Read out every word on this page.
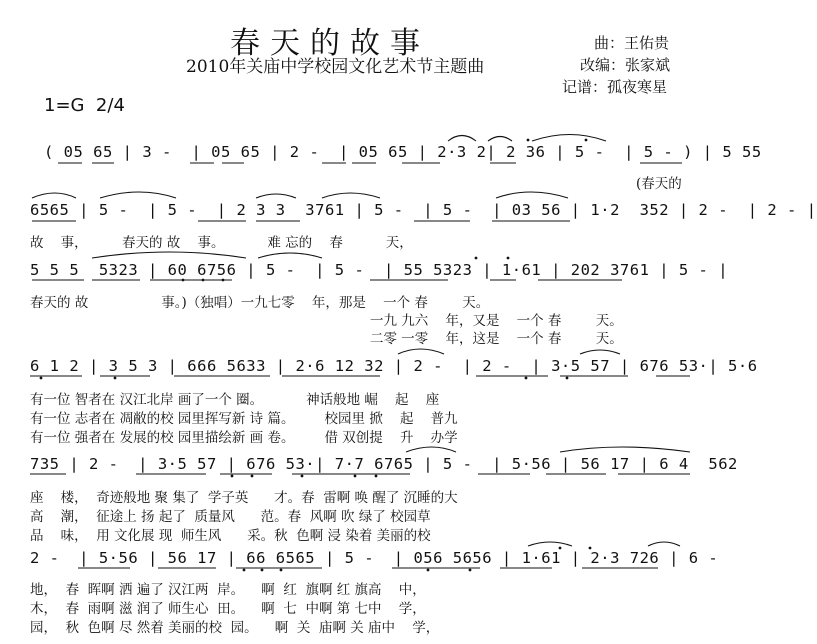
春天的故事
2010年关庙中学校园文化艺术节主题曲
曲：王佑贵
改编：张家斌
记谱：孤夜寒星
1=G  2/4
( 05 65 | 3 -  | 05 65 | 2 -  | 05 65 | 2·3 2| 2 36 | 5 -  | 5 - ) | 5 55
(春天的
6565 | 5 -  | 5 -  | 2 3 3  3761 | 5 -  | 5 -  | 03 56 | 1·2  352 | 2 -  | 2 - |
故    事，        春天的 故    事。          难 忘的    春          天，
5 5 5  5323 | 60 6756 | 5 -  | 5 -  | 55 5323 | 1·61 | 202 3761 | 5 - |
春天的 故                 事。)（独唱）一九七零    年，那是    一个 春        天。
一九 九六    年，又是    一个 春        天。
二零 一零    年，这是    一个 春        天。
6 1 2 | 3 5 3 | 666 5633 | 2·6 12 32 | 2 -  | 2 -  | 3·5 57 | 676 53·| 5·6
有一位 智者在 汉江北岸 画了一个 圈。          神话般地 崛    起    座
有一位 志者在 凋敝的校 园里挥写新 诗 篇。       校园里 掀    起    普九
有一位 强者在 发展的校 园里描绘新 画 卷。       借 双创提    升    办学
735 | 2 -  | 3·5 57 | 676 53·| 7·7 6765 | 5 -  | 5·56 | 56 17 | 6 4  562
座    楼，  奇迹般地 聚 集了  学子英      才。春  雷啊 唤 醒了 沉睡的大
高    潮，  征途上 扬 起了  质量风      范。春  风啊 吹 绿了 校园草
品    味，  用 文化展 现  师生风      采。秋  色啊 浸 染着 美丽的校
2 -  | 5·56 | 56 17 | 66 6565 | 5 -  | 056 5656 | 1·61 | 2·3 726 | 6 -
地，  春  晖啊 洒 遍了 汉江两  岸。    啊  红  旗啊 红 旗高    中，
木，  春  雨啊 滋 润了 师生心  田。    啊  七  中啊 第 七中    学，
园，  秋  色啊 尽 然着 美丽的校  园。    啊  关  庙啊 关 庙中    学，
